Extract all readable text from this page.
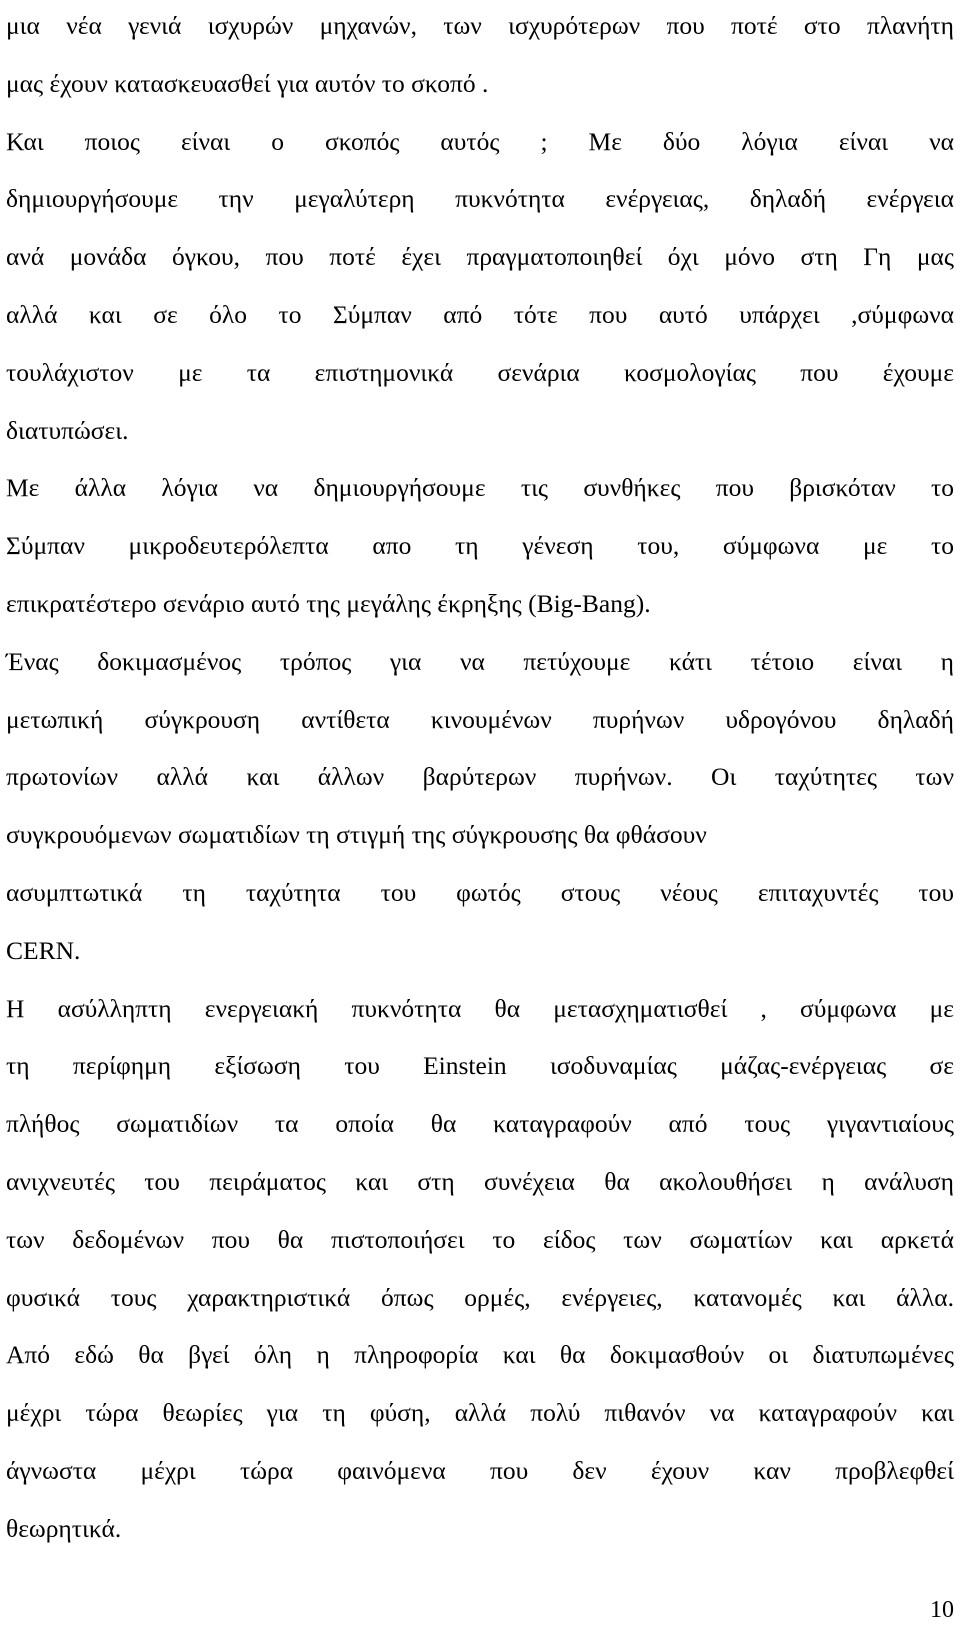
μια νέα γενιά ισχυρών μηχανών, των ισχυρότερων που ποτέ στο πλανήτη
μας έχουν κατασκευασθεί για αυτόν το σκοπό .
Και ποιος είναι ο σκοπός αυτός ; Με δύο λόγια είναι να
δημιουργήσουμε την μεγαλύτερη πυκνότητα ενέργειας, δηλαδή ενέργεια
ανά μονάδα όγκου, που ποτέ έχει πραγματοποιηθεί όχι μόνο στη Γη μας
αλλά και σε όλο το Σύμπαν από τότε που αυτό υπάρχει ,σύμφωνα
τουλάχιστον με τα επιστημονικά σενάρια κοσμολογίας που έχουμε
διατυπώσει.
Με άλλα λόγια να δημιουργήσουμε τις συνθήκες που βρισκόταν το
Σύμπαν μικροδευτερόλεπτα απο τη γένεση του, σύμφωνα με το
επικρατέστερο σενάριο αυτό της μεγάλης έκρηξης (Big-Bang).
Ένας δοκιμασμένος τρόπος για να πετύχουμε κάτι τέτοιο είναι η
μετωπική σύγκρουση αντίθετα κινουμένων πυρήνων υδρογόνου δηλαδή
πρωτονίων αλλά και άλλων βαρύτερων πυρήνων. Οι ταχύτητες των
συγκρουόμενων σωματιδίων τη στιγμή της σύγκρουσης θα φθάσουν
ασυμπτωτικά τη ταχύτητα του φωτός στους νέους επιταχυντές του
CERN.
Η ασύλληπτη ενεργειακή πυκνότητα θα μετασχηματισθεί , σύμφωνα με
τη περίφημη εξίσωση του Einstein ισοδυναμίας μάζας-ενέργειας σε
πλήθος σωματιδίων τα οποία θα καταγραφούν από τους γιγαντιαίους
ανιχνευτές του πειράματος και στη συνέχεια θα ακολουθήσει η ανάλυση
των δεδομένων που θα πιστοποιήσει το είδος των σωματίων και αρκετά
φυσικά τους χαρακτηριστικά όπως ορμές, ενέργειες, κατανομές και άλλα.
Από εδώ θα βγεί όλη η πληροφορία και θα δοκιμασθούν οι διατυπωμένες
μέχρι τώρα θεωρίες για τη φύση, αλλά πολύ πιθανόν να καταγραφούν και
άγνωστα μέχρι τώρα φαινόμενα που δεν έχουν καν προβλεφθεί
θεωρητικά.
10
